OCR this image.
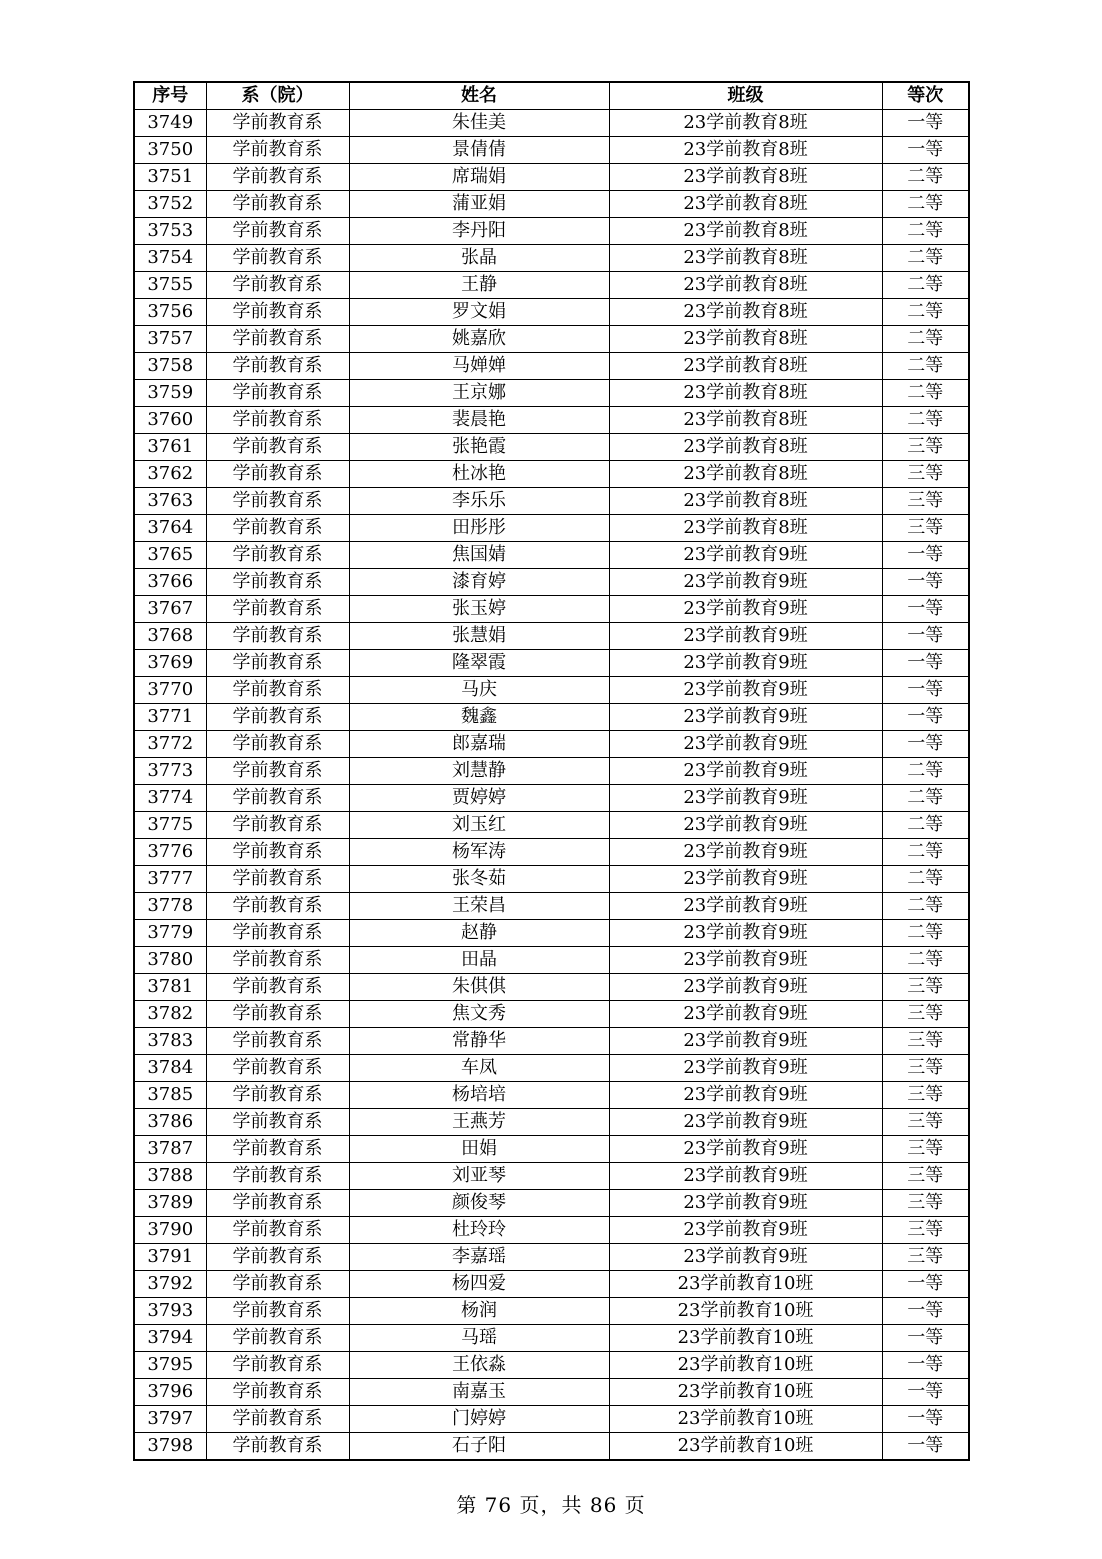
序号	系（院）	姓名	班级	等次
3749	学前教育系	朱佳美	23学前教育8班	一等
3750	学前教育系	景倩倩	23学前教育8班	一等
3751	学前教育系	席瑞娟	23学前教育8班	二等
3752	学前教育系	蒲亚娟	23学前教育8班	二等
3753	学前教育系	李丹阳	23学前教育8班	二等
3754	学前教育系	张晶	23学前教育8班	二等
3755	学前教育系	王静	23学前教育8班	二等
3756	学前教育系	罗文娟	23学前教育8班	二等
3757	学前教育系	姚嘉欣	23学前教育8班	二等
3758	学前教育系	马婵婵	23学前教育8班	二等
3759	学前教育系	王京娜	23学前教育8班	二等
3760	学前教育系	裴晨艳	23学前教育8班	二等
3761	学前教育系	张艳霞	23学前教育8班	三等
3762	学前教育系	杜冰艳	23学前教育8班	三等
3763	学前教育系	李乐乐	23学前教育8班	三等
3764	学前教育系	田彤彤	23学前教育8班	三等
3765	学前教育系	焦国婧	23学前教育9班	一等
3766	学前教育系	漆育婷	23学前教育9班	一等
3767	学前教育系	张玉婷	23学前教育9班	一等
3768	学前教育系	张慧娟	23学前教育9班	一等
3769	学前教育系	隆翠霞	23学前教育9班	一等
3770	学前教育系	马庆	23学前教育9班	一等
3771	学前教育系	魏鑫	23学前教育9班	一等
3772	学前教育系	郎嘉瑞	23学前教育9班	一等
3773	学前教育系	刘慧静	23学前教育9班	二等
3774	学前教育系	贾婷婷	23学前教育9班	二等
3775	学前教育系	刘玉红	23学前教育9班	二等
3776	学前教育系	杨军涛	23学前教育9班	二等
3777	学前教育系	张冬茹	23学前教育9班	二等
3778	学前教育系	王荣昌	23学前教育9班	二等
3779	学前教育系	赵静	23学前教育9班	二等
3780	学前教育系	田晶	23学前教育9班	二等
3781	学前教育系	朱倛倛	23学前教育9班	三等
3782	学前教育系	焦文秀	23学前教育9班	三等
3783	学前教育系	常静华	23学前教育9班	三等
3784	学前教育系	车凤	23学前教育9班	三等
3785	学前教育系	杨培培	23学前教育9班	三等
3786	学前教育系	王燕芳	23学前教育9班	三等
3787	学前教育系	田娟	23学前教育9班	三等
3788	学前教育系	刘亚琴	23学前教育9班	三等
3789	学前教育系	颜俊琴	23学前教育9班	三等
3790	学前教育系	杜玲玲	23学前教育9班	三等
3791	学前教育系	李嘉瑶	23学前教育9班	三等
3792	学前教育系	杨四爱	23学前教育10班	一等
3793	学前教育系	杨润	23学前教育10班	一等
3794	学前教育系	马瑶	23学前教育10班	一等
3795	学前教育系	王依淼	23学前教育10班	一等
3796	学前教育系	南嘉玉	23学前教育10班	一等
3797	学前教育系	门婷婷	23学前教育10班	一等
3798	学前教育系	石子阳	23学前教育10班	一等
第 76 页，共 86 页
